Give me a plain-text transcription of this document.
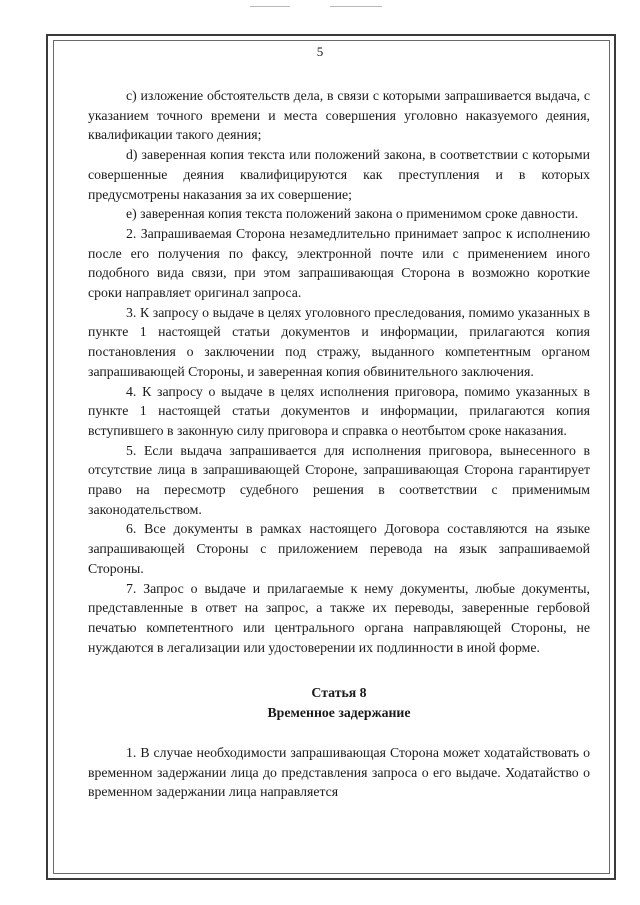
5

c) изложение обстоятельств дела, в связи с которыми запрашивается выдача, с указанием точного времени и места совершения уголовно наказуемого деяния, квалификации такого деяния;

d) заверенная копия текста или положений закона, в соответствии с которыми совершенные деяния квалифицируются как преступления и в которых предусмотрены наказания за их совершение;

e) заверенная копия текста положений закона о применимом сроке давности.

2. Запрашиваемая Сторона незамедлительно принимает запрос к исполнению после его получения по факсу, электронной почте или с применением иного подобного вида связи, при этом запрашивающая Сторона в возможно короткие сроки направляет оригинал запроса.

3. К запросу о выдаче в целях уголовного преследования, помимо указанных в пункте 1 настоящей статьи документов и информации, прилагаются копия постановления о заключении под стражу, выданного компетентным органом запрашивающей Стороны, и заверенная копия обвинительного заключения.

4. К запросу о выдаче в целях исполнения приговора, помимо указанных в пункте 1 настоящей статьи документов и информации, прилагаются копия вступившего в законную силу приговора и справка о неотбытом сроке наказания.

5. Если выдача запрашивается для исполнения приговора, вынесенного в отсутствие лица в запрашивающей Стороне, запрашивающая Сторона гарантирует право на пересмотр судебного решения в соответствии с применимым законодательством.

6. Все документы в рамках настоящего Договора составляются на языке запрашивающей Стороны с приложением перевода на язык запрашиваемой Стороны.

7. Запрос о выдаче и прилагаемые к нему документы, любые документы, представленные в ответ на запрос, а также их переводы, заверенные гербовой печатью компетентного или центрального органа направляющей Стороны, не нуждаются в легализации или удостоверении их подлинности в иной форме.

Статья 8

Временное задержание

1. В случае необходимости запрашивающая Сторона может ходатайствовать о временном задержании лица до представления запроса о его выдаче. Ходатайство о временном задержании лица направляется
